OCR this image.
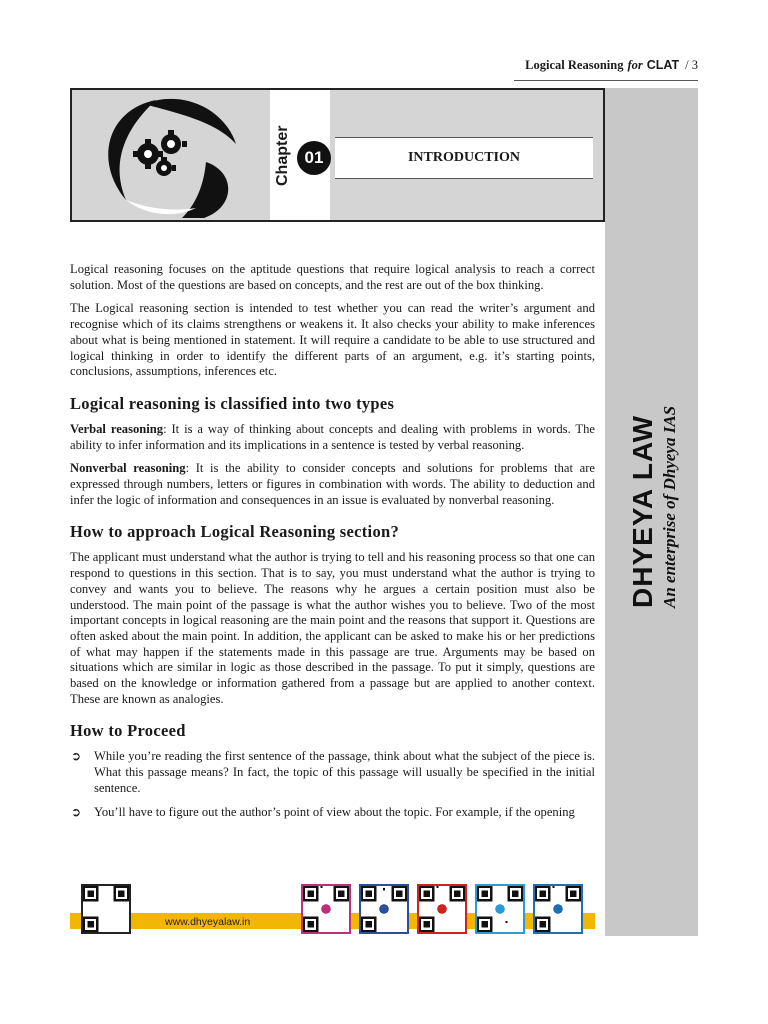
Logical Reasoning for CLAT / 3
DHYEYA LAW An enterprise of Dhyeya IAS
Chapter 01	INTRODUCTION

Logical reasoning focuses on the aptitude questions that require logical analysis to reach a correct solution. Most of the questions are based on concepts, and the rest are out of the box thinking.

The Logical reasoning section is intended to test whether you can read the writer’s argument and recognise which of its claims strengthens or weakens it. It also checks your ability to make inferences about what is being mentioned in statement. It will require a candidate to be able to use structured and logical thinking in order to identify the different parts of an argument, e.g. it’s starting points, conclusions, assumptions, inferences etc.

Logical reasoning is classified into two types

Verbal reasoning: It is a way of thinking about concepts and dealing with problems in words. The ability to infer information and its implications in a sentence is tested by verbal reasoning.

Nonverbal reasoning: It is the ability to consider concepts and solutions for problems that are expressed through numbers, letters or figures in combination with words. The ability to deduction and infer the logic of information and consequences in an issue is evaluated by nonverbal reasoning.

How to approach Logical Reasoning section?

The applicant must understand what the author is trying to tell and his reasoning process so that one can respond to questions in this section. That is to say, you must understand what the author is trying to convey and wants you to believe. The reasons why he argues a certain position must also be understood. The main point of the passage is what the author wishes you to believe. Two of the most important concepts in logical reasoning are the main point and the reasons that support it. Questions are often asked about the main point. In addition, the applicant can be asked to make his or her predictions of what may happen if the statements made in this passage are true. Arguments may be based on situations which are similar in logic as those described in the passage. To put it simply, questions are based on the knowledge or information gathered from a passage but are applied to another context. These are known as analogies.

How to Proceed
➲ While you’re reading the first sentence of the passage, think about what the subject of the piece is. What this passage means? In fact, the topic of this passage will usually be specified in the initial sentence.
➲ You’ll have to figure out the author’s point of view about the topic. For example, if the opening
www.dhyeyalaw.in
